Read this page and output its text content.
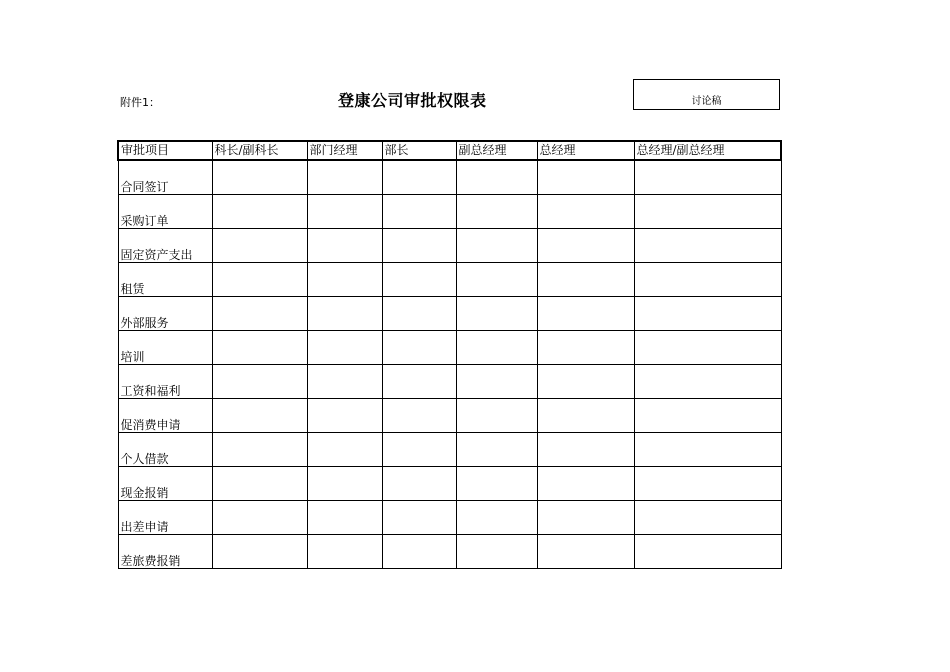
附件1：	登康公司审批权限表	讨论稿
审批项目	科长/副科长	部门经理	部长	副总经理	总经理	总经理/副总经理
合同签订						
采购订单						
固定资产支出						
租赁						
外部服务						
培训						
工资和福利						
促消费申请						
个人借款						
现金报销						
出差申请						
差旅费报销						
